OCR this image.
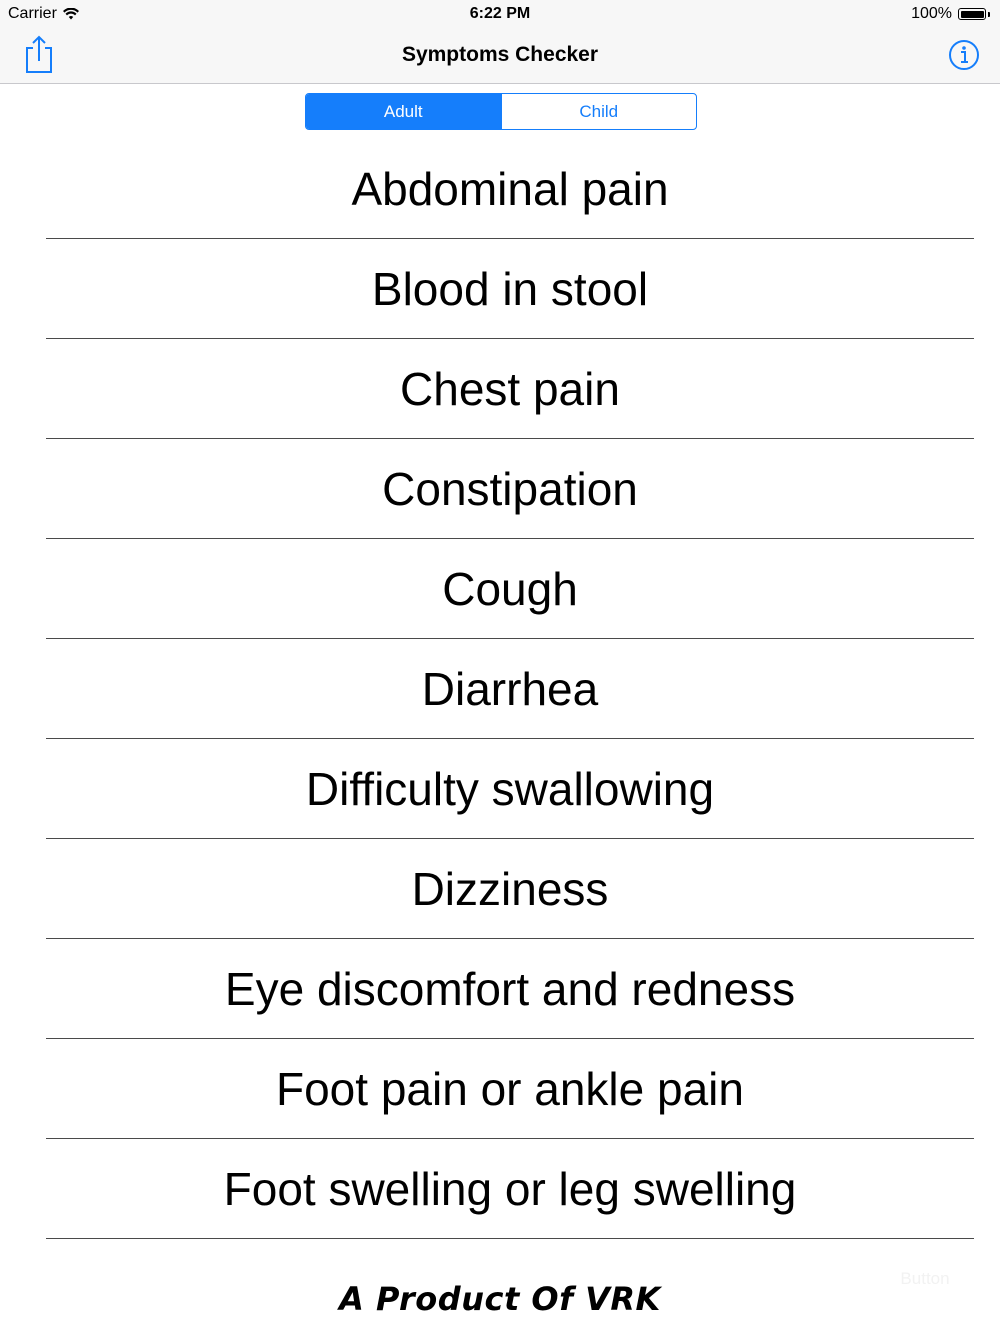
Carrier	6:22 PM	100%
Symptoms Checker
Adult	Child
Abdominal pain
Blood in stool
Chest pain
Constipation
Cough
Diarrhea
Difficulty swallowing
Dizziness
Eye discomfort and redness
Foot pain or ankle pain
Foot swelling or leg swelling
A Product Of VRK
Button
